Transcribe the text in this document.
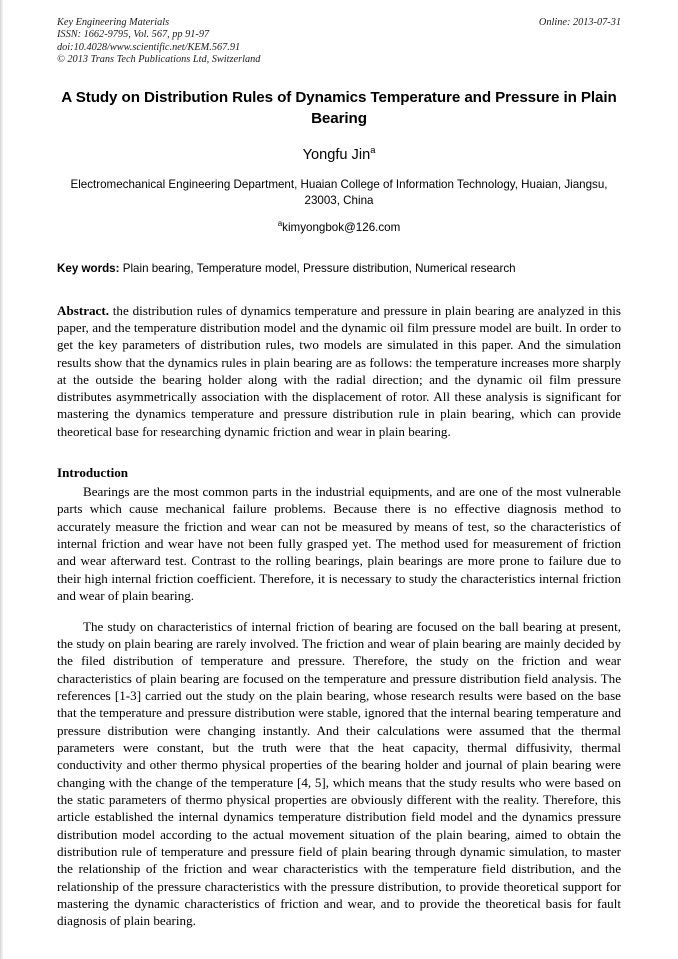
Key Engineering Materials
ISSN: 1662-9795, Vol. 567, pp 91-97
doi:10.4028/www.scientific.net/KEM.567.91
© 2013 Trans Tech Publications Ltd, Switzerland
Online: 2013-07-31
A Study on Distribution Rules of Dynamics Temperature and Pressure in Plain Bearing
Yongfu Jin$^a$
Electromechanical Engineering Department, Huaian College of Information Technology, Huaian, Jiangsu, 23003, China
$^a$kimyongbok@126.com
Key words: Plain bearing, Temperature model, Pressure distribution, Numerical research
Abstract. the distribution rules of dynamics temperature and pressure in plain bearing are analyzed in this paper, and the temperature distribution model and the dynamic oil film pressure model are built. In order to get the key parameters of distribution rules, two models are simulated in this paper. And the simulation results show that the dynamics rules in plain bearing are as follows: the temperature increases more sharply at the outside the bearing holder along with the radial direction; and the dynamic oil film pressure distributes asymmetrically association with the displacement of rotor. All these analysis is significant for mastering the dynamics temperature and pressure distribution rule in plain bearing, which can provide theoretical base for researching dynamic friction and wear in plain bearing.
Introduction

Bearings are the most common parts in the industrial equipments, and are one of the most vulnerable parts which cause mechanical failure problems. Because there is no effective diagnosis method to accurately measure the friction and wear can not be measured by means of test, so the characteristics of internal friction and wear have not been fully grasped yet. The method used for measurement of friction and wear afterward test. Contrast to the rolling bearings, plain bearings are more prone to failure due to their high internal friction coefficient. Therefore, it is necessary to study the characteristics internal friction and wear of plain bearing.

The study on characteristics of internal friction of bearing are focused on the ball bearing at present, the study on plain bearing are rarely involved. The friction and wear of plain bearing are mainly decided by the filed distribution of temperature and pressure. Therefore, the study on the friction and wear characteristics of plain bearing are focused on the temperature and pressure distribution field analysis. The references [1-3] carried out the study on the plain bearing, whose research results were based on the base that the temperature and pressure distribution were stable, ignored that the internal bearing temperature and pressure distribution were changing instantly. And their calculations were assumed that the thermal parameters were constant, but the truth were that the heat capacity, thermal diffusivity, thermal conductivity and other thermo physical properties of the bearing holder and journal of plain bearing were changing with the change of the temperature [4, 5], which means that the study results who were based on the static parameters of thermo physical properties are obviously different with the reality. Therefore, this article established the internal dynamics temperature distribution field model and the dynamics pressure distribution model according to the actual movement situation of the plain bearing, aimed to obtain the distribution rule of temperature and pressure field of plain bearing through dynamic simulation, to master the relationship of the friction and wear characteristics with the temperature field distribution, and the relationship of the pressure characteristics with the pressure distribution, to provide theoretical support for mastering the dynamic characteristics of friction and wear, and to provide the theoretical basis for fault diagnosis of plain bearing.
